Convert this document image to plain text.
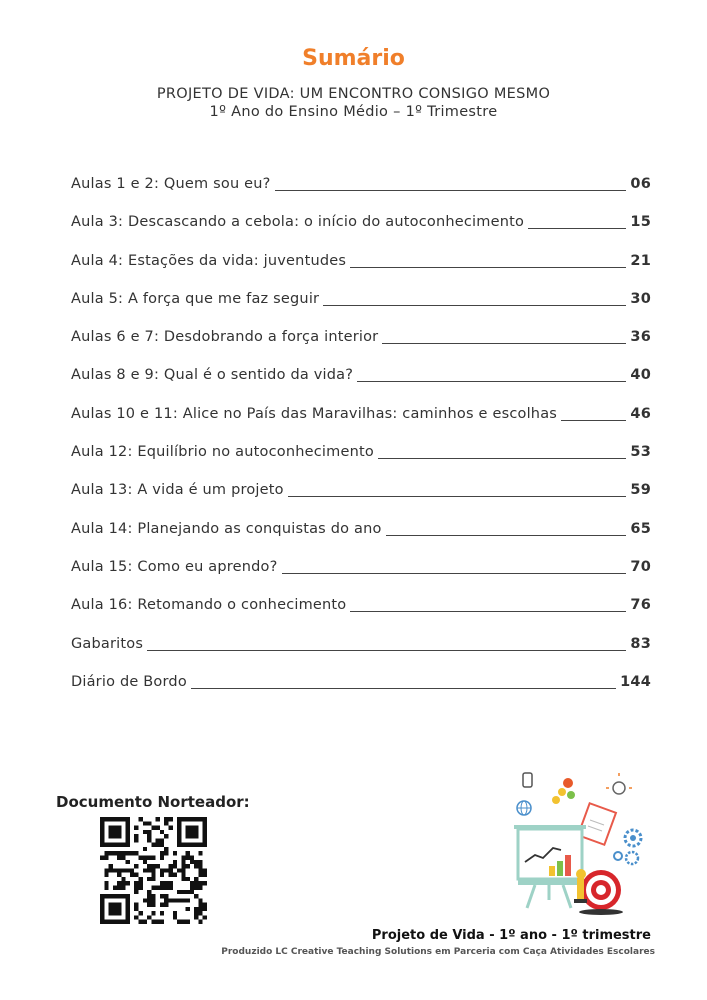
Sumário
PROJETO DE VIDA: UM ENCONTRO CONSIGO MESMO
1º Ano do Ensino Médio – 1º Trimestre
Aulas 1 e 2: Quem sou eu?	06
Aula 3: Descascando a cebola: o início do autoconhecimento	15
Aula 4: Estações da vida: juventudes	21
Aula 5: A força que me faz seguir	30
Aulas 6 e 7: Desdobrando a força interior	36
Aulas 8 e 9: Qual é o sentido da vida?	40
Aulas 10 e 11: Alice no País das Maravilhas: caminhos e escolhas	46
Aula 12: Equilíbrio no autoconhecimento	53
Aula 13: A vida é um projeto	59
Aula 14: Planejando as conquistas do ano	65
Aula 15: Como eu aprendo?	70
Aula 16: Retomando o conhecimento	76
Gabaritos	83
Diário de Bordo	144
Documento Norteador:
Projeto de Vida - 1º ano - 1º trimestre
Produzido LC Creative Teaching Solutions em Parceria com Caça Atividades Escolares
